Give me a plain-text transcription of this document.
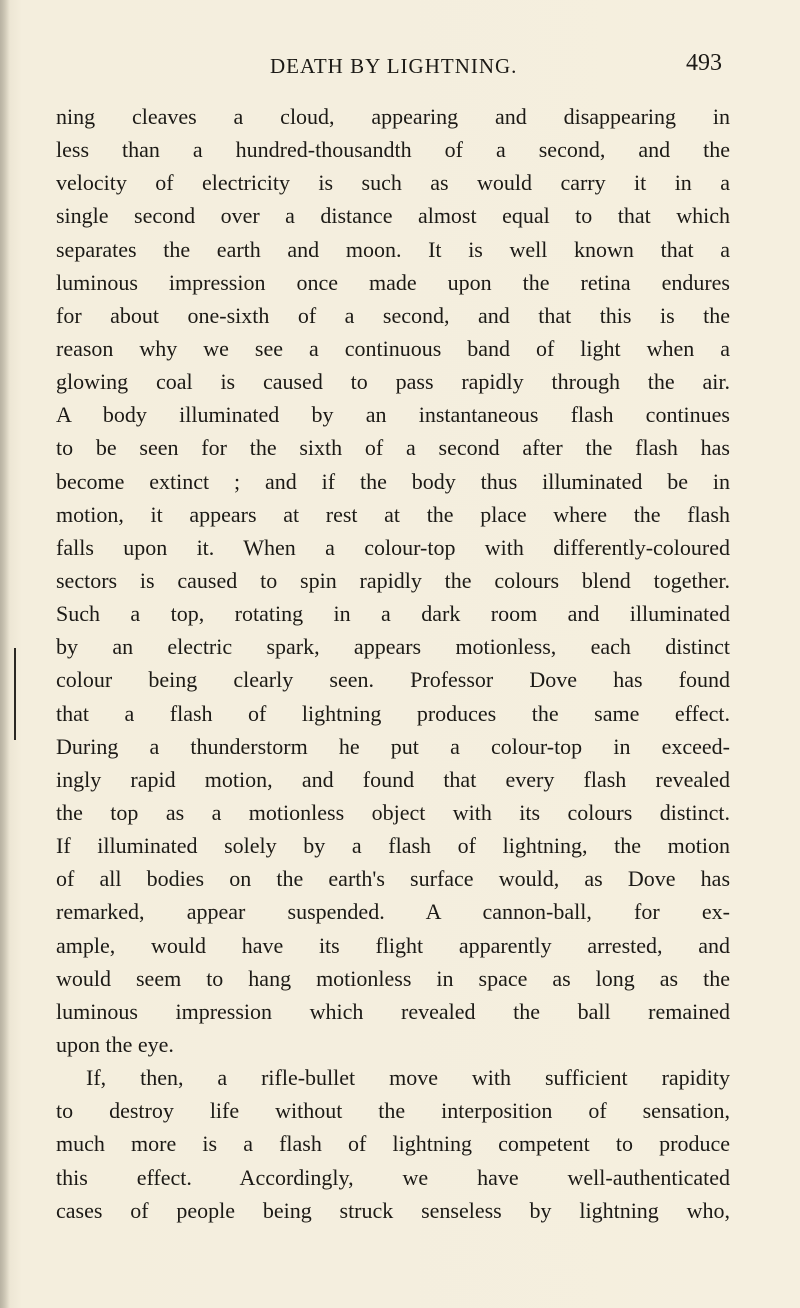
DEATH BY LIGHTNING.	493
ning cleaves a cloud, appearing and disappearing in
less than a hundred-thousandth of a second, and the
velocity of electricity is such as would carry it in a
single second over a distance almost equal to that which
separates the earth and moon. It is well known that a
luminous impression once made upon the retina endures
for about one-sixth of a second, and that this is the
reason why we see a continuous band of light when a
glowing coal is caused to pass rapidly through the air.
A body illuminated by an instantaneous flash continues
to be seen for the sixth of a second after the flash has
become extinct ; and if the body thus illuminated be in
motion, it appears at rest at the place where the flash
falls upon it. When a colour-top with differently-coloured
sectors is caused to spin rapidly the colours blend together.
Such a top, rotating in a dark room and illuminated
by an electric spark, appears motionless, each distinct
colour being clearly seen. Professor Dove has found
that a flash of lightning produces the same effect.
During a thunderstorm he put a colour-top in exceed-
ingly rapid motion, and found that every flash revealed
the top as a motionless object with its colours distinct.
If illuminated solely by a flash of lightning, the motion
of all bodies on the earth's surface would, as Dove has
remarked, appear suspended. A cannon-ball, for ex-
ample, would have its flight apparently arrested, and
would seem to hang motionless in space as long as the
luminous impression which revealed the ball remained
upon the eye.
If, then, a rifle-bullet move with sufficient rapidity
to destroy life without the interposition of sensation,
much more is a flash of lightning competent to produce
this effect. Accordingly, we have well-authenticated
cases of people being struck senseless by lightning who,
